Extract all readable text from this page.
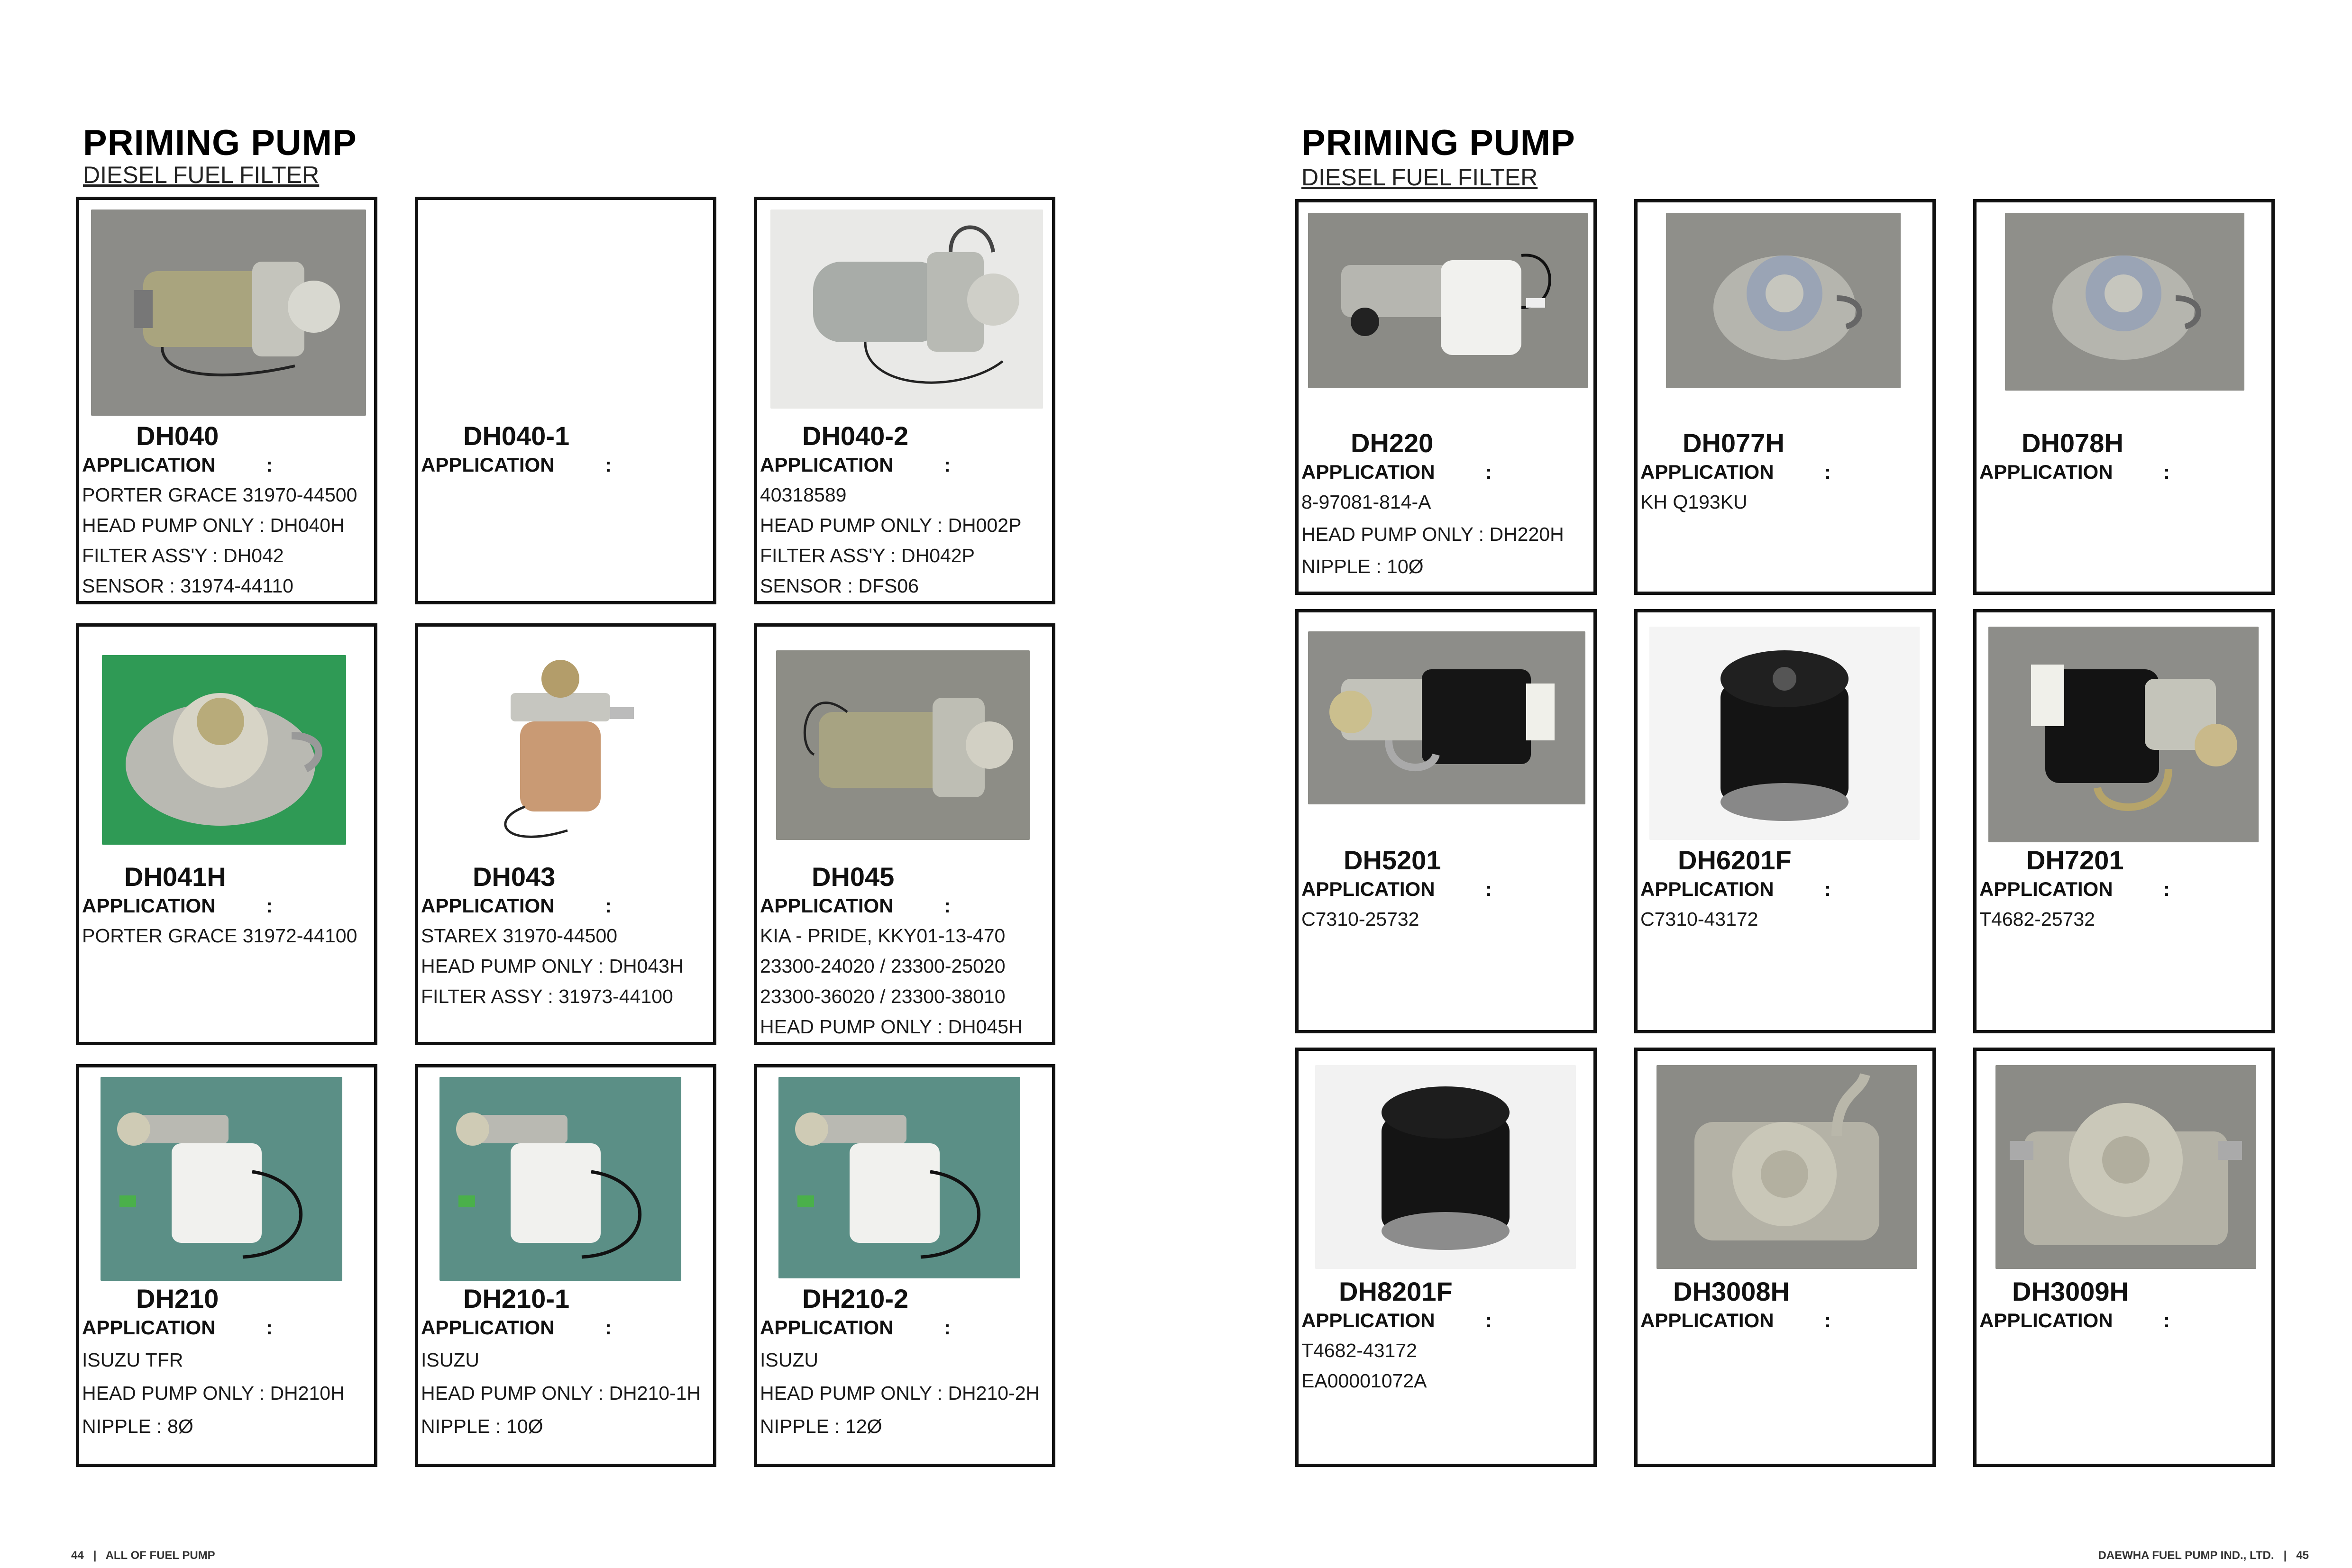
PRIMING PUMP
DIESEL FUEL FILTER
DH040
APPLICATION	:
PORTER GRACE 31970-44500
HEAD PUMP ONLY : DH040H
FILTER ASS'Y : DH042
SENSOR : 31974-44110
DH040-1
APPLICATION	:
DH040-2
APPLICATION	:
40318589
HEAD PUMP ONLY : DH002P
FILTER ASS'Y : DH042P
SENSOR : DFS06
DH041H
APPLICATION	:
PORTER GRACE 31972-44100
DH043
APPLICATION	:
STAREX 31970-44500
HEAD PUMP ONLY : DH043H
FILTER ASSY : 31973-44100
DH045
APPLICATION	:
KIA - PRIDE, KKY01-13-470
23300-24020 / 23300-25020
23300-36020 / 23300-38010
HEAD PUMP ONLY : DH045H
DH210
APPLICATION	:
ISUZU TFR
HEAD PUMP ONLY : DH210H
NIPPLE : 8Ø
DH210-1
APPLICATION	:
ISUZU
HEAD PUMP ONLY : DH210-1H
NIPPLE : 10Ø
DH210-2
APPLICATION	:
ISUZU
HEAD PUMP ONLY : DH210-2H
NIPPLE : 12Ø
44 | ALL OF FUEL PUMP
PRIMING PUMP
DIESEL FUEL FILTER
DH220
APPLICATION	:
8-97081-814-A
HEAD PUMP ONLY : DH220H
NIPPLE : 10Ø
DH077H
APPLICATION	:
KH Q193KU
DH078H
APPLICATION	:
DH5201
APPLICATION	:
C7310-25732
DH6201F
APPLICATION	:
C7310-43172
DH7201
APPLICATION	:
T4682-25732
DH8201F
APPLICATION	:
T4682-43172
EA00001072A
DH3008H
APPLICATION	:
DH3009H
APPLICATION	:
DAEWHA FUEL PUMP IND., LTD. | 45
